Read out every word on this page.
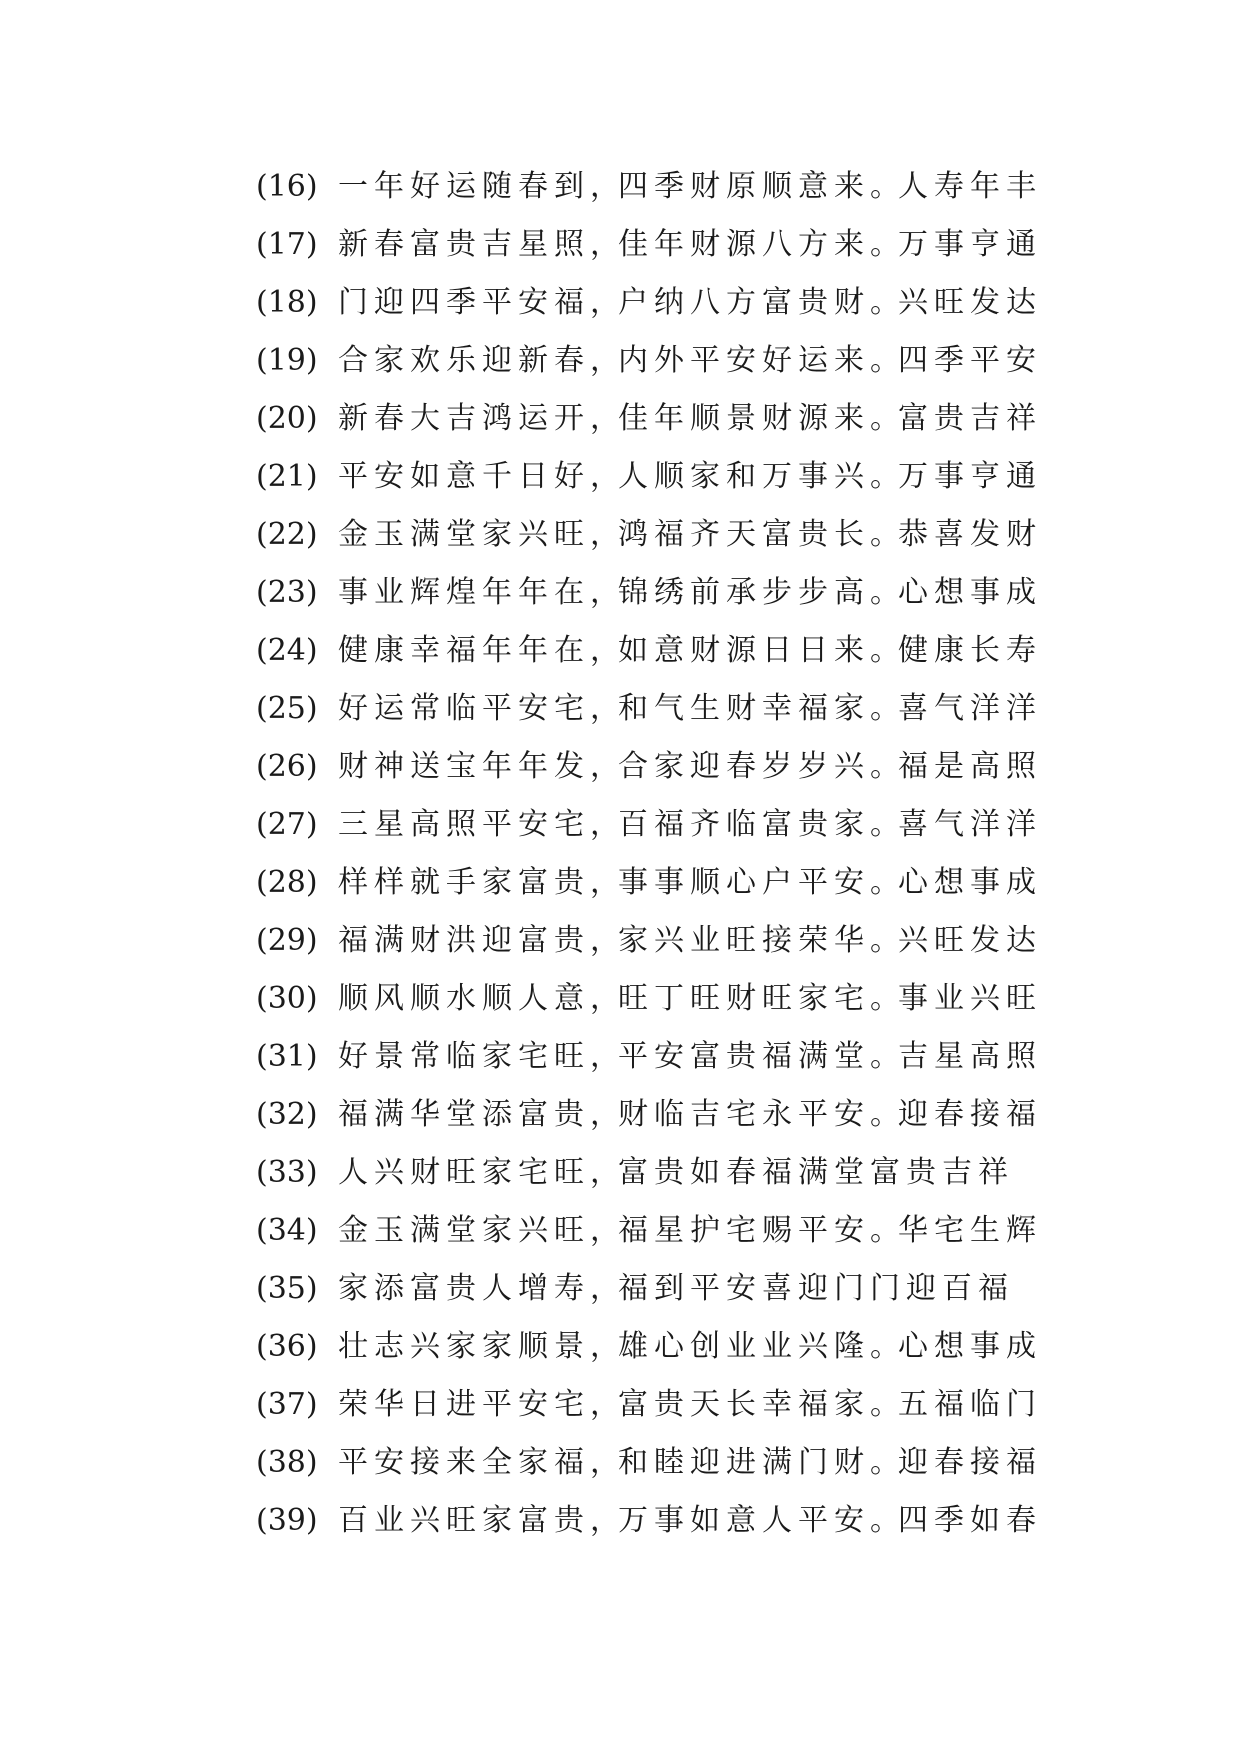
(16) 一年好运随春到，
四季财原顺意来。
人寿年丰
(17) 新春富贵吉星照，
佳年财源八方来。
万事亨通
(18) 门迎四季平安福，
户纳八方富贵财。
兴旺发达
(19) 合家欢乐迎新春，
内外平安好运来。
四季平安
(20) 新春大吉鸿运开，
佳年顺景财源来。
富贵吉祥
(21) 平安如意千日好，
人顺家和万事兴。
万事亨通
(22) 金玉满堂家兴旺，
鸿福齐天富贵长。
恭喜发财
(23) 事业辉煌年年在，
锦绣前承步步高。
心想事成
(24) 健康幸福年年在，
如意财源日日来。
健康长寿
(25) 好运常临平安宅，
和气生财幸福家。
喜气洋洋
(26) 财神送宝年年发，
合家迎春岁岁兴。
福是高照
(27) 三星高照平安宅，
百福齐临富贵家。
喜气洋洋
(28) 样样就手家富贵，
事事顺心户平安。
心想事成
(29) 福满财洪迎富贵，
家兴业旺接荣华。
兴旺发达
(30) 顺风顺水顺人意，
旺丁旺财旺家宅。
事业兴旺
(31) 好景常临家宅旺，
平安富贵福满堂。
吉星高照
(32) 福满华堂添富贵，
财临吉宅永平安。
迎春接福
(33) 人兴财旺家宅旺，
富贵如春福满堂 富贵吉祥
(34) 金玉满堂家兴旺，
福星护宅赐平安。
华宅生辉
(35) 家添富贵人增寿，
福到平安喜迎门 门迎百福
(36) 壮志兴家家顺景，
雄心创业业兴隆。
心想事成
(37) 荣华日进平安宅，
富贵天长幸福家。
五福临门
(38) 平安接来全家福，
和睦迎进满门财。
迎春接福
(39) 百业兴旺家富贵，
万事如意人平安。
四季如春
